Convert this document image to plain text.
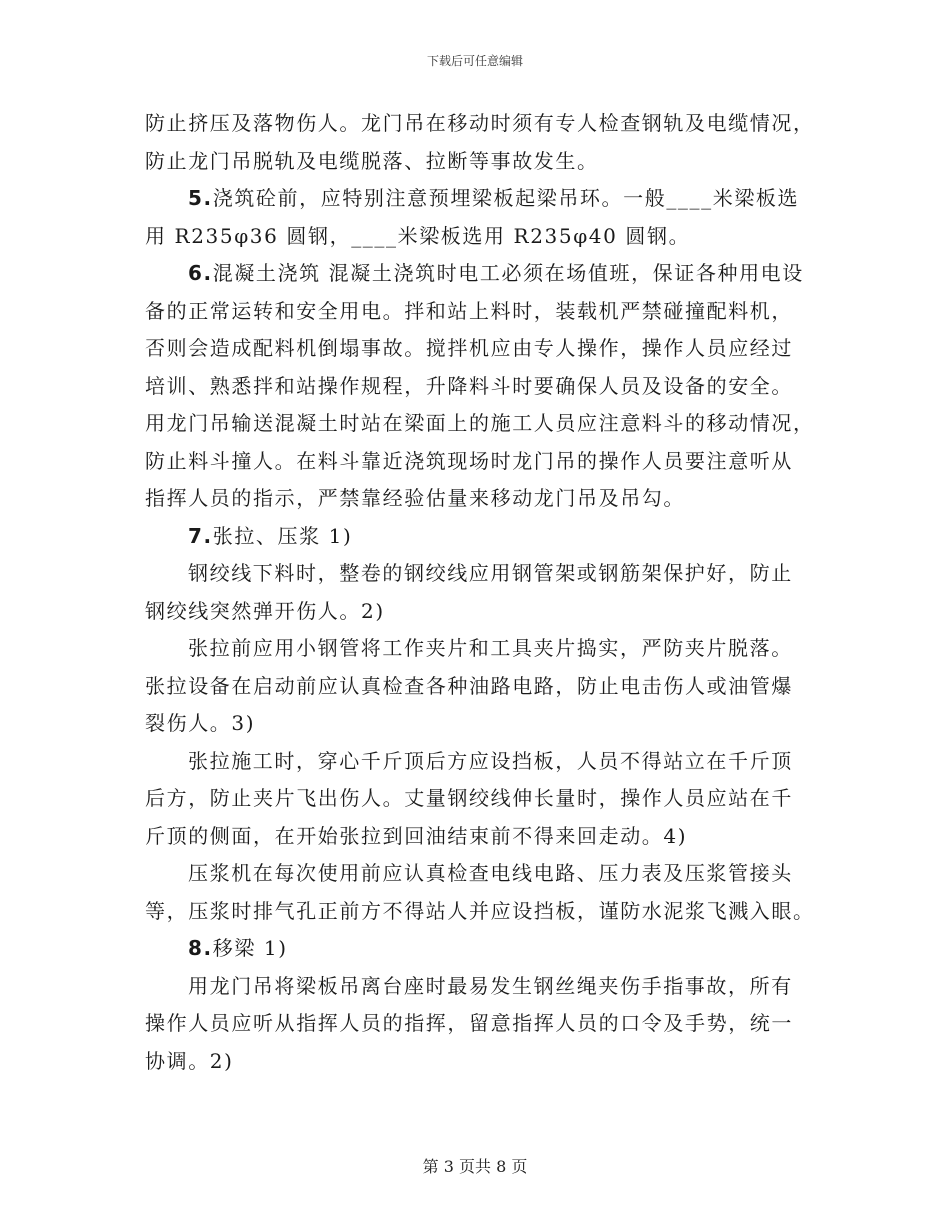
下载后可任意编辑
防止挤压及落物伤人。龙门吊在移动时须有专人检查钢轨及电缆情况，
防止龙门吊脱轨及电缆脱落、拉断等事故发生。
5.浇筑砼前，应特别注意预埋梁板起梁吊环。一般____米梁板选
用 R235φ36 圆钢，____米梁板选用 R235φ40 圆钢。
6.混凝土浇筑 混凝土浇筑时电工必须在场值班，保证各种用电设
备的正常运转和安全用电。拌和站上料时，装载机严禁碰撞配料机，
否则会造成配料机倒塌事故。搅拌机应由专人操作，操作人员应经过
培训、熟悉拌和站操作规程，升降料斗时要确保人员及设备的安全。
用龙门吊输送混凝土时站在梁面上的施工人员应注意料斗的移动情况，
防止料斗撞人。在料斗靠近浇筑现场时龙门吊的操作人员要注意听从
指挥人员的指示，严禁靠经验估量来移动龙门吊及吊勾。
7.张拉、压浆 1)
钢绞线下料时，整卷的钢绞线应用钢管架或钢筋架保护好，防止
钢绞线突然弹开伤人。2)
张拉前应用小钢管将工作夹片和工具夹片捣实，严防夹片脱落。
张拉设备在启动前应认真检查各种油路电路，防止电击伤人或油管爆
裂伤人。3)
张拉施工时，穿心千斤顶后方应设挡板，人员不得站立在千斤顶
后方，防止夹片飞出伤人。丈量钢绞线伸长量时，操作人员应站在千
斤顶的侧面，在开始张拉到回油结束前不得来回走动。4)
压浆机在每次使用前应认真检查电线电路、压力表及压浆管接头
等，压浆时排气孔正前方不得站人并应设挡板，谨防水泥浆飞溅入眼。
8.移梁 1)
用龙门吊将梁板吊离台座时最易发生钢丝绳夹伤手指事故，所有
操作人员应听从指挥人员的指挥，留意指挥人员的口令及手势，统一
协调。2)
第 3 页共 8 页
